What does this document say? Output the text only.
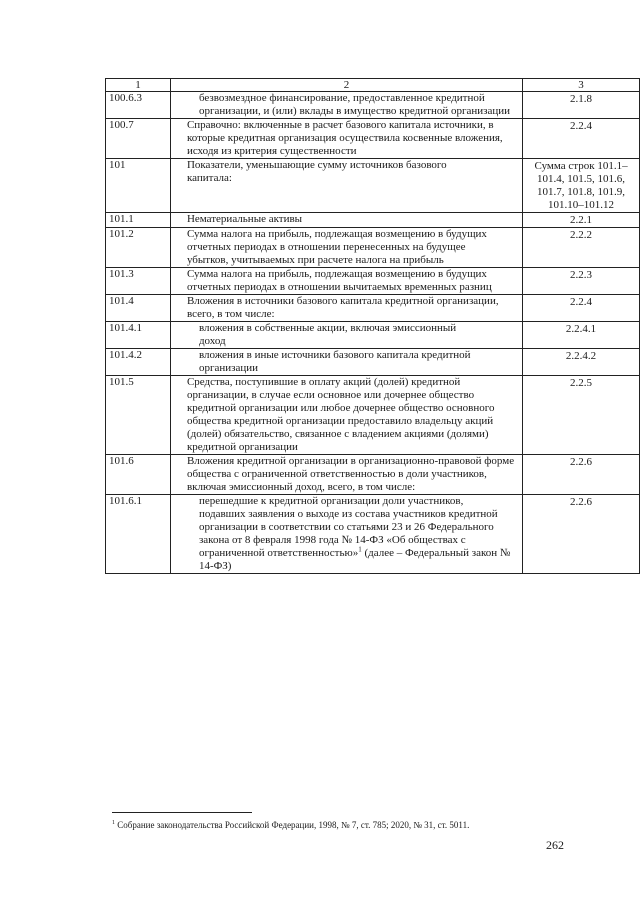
1	2	3
100.6.3	безвозмездное финансирование, предоставленное кредитной организации, и (или) вклады в имущество кредитной организации	2.1.8
100.7	Справочно: включенные в расчет базового капитала источники, в которые кредитная организация осуществила косвенные вложения, исходя из критерия существенности	2.2.4
101	Показатели, уменьшающие сумму источников базового капитала:	Сумма строк 101.1–101.4, 101.5, 101.6, 101.7, 101.8, 101.9, 101.10–101.12
101.1	Нематериальные активы	2.2.1
101.2	Сумма налога на прибыль, подлежащая возмещению в будущих отчетных периодах в отношении перенесенных на будущее убытков, учитываемых при расчете налога на прибыль	2.2.2
101.3	Сумма налога на прибыль, подлежащая возмещению в будущих отчетных периодах в отношении вычитаемых временных разниц	2.2.3
101.4	Вложения в источники базового капитала кредитной организации, всего, в том числе:	2.2.4
101.4.1	вложения в собственные акции, включая эмиссионный доход	2.2.4.1
101.4.2	вложения в иные источники базового капитала кредитной организации	2.2.4.2
101.5	Средства, поступившие в оплату акций (долей) кредитной организации, в случае если основное или дочернее общество кредитной организации или любое дочернее общество основного общества кредитной организации предоставило владельцу акций (долей) обязательство, связанное с владением акциями (долями) кредитной организации	2.2.5
101.6	Вложения кредитной организации в организационно-правовой форме общества с ограниченной ответственностью в доли участников, включая эмиссионный доход, всего, в том числе:	2.2.6
101.6.1	перешедшие к кредитной организации доли участников, подавших заявления о выходе из состава участников кредитной организации в соответствии со статьями 23 и 26 Федерального закона от 8 февраля 1998 года № 14-ФЗ «Об обществах с ограниченной ответственностью»$^1$ (далее – Федеральный закон № 14-ФЗ)	2.2.6
$^1$ Собрание законодательства Российской Федерации, 1998, № 7, ст. 785; 2020, № 31, ст. 5011.
262
